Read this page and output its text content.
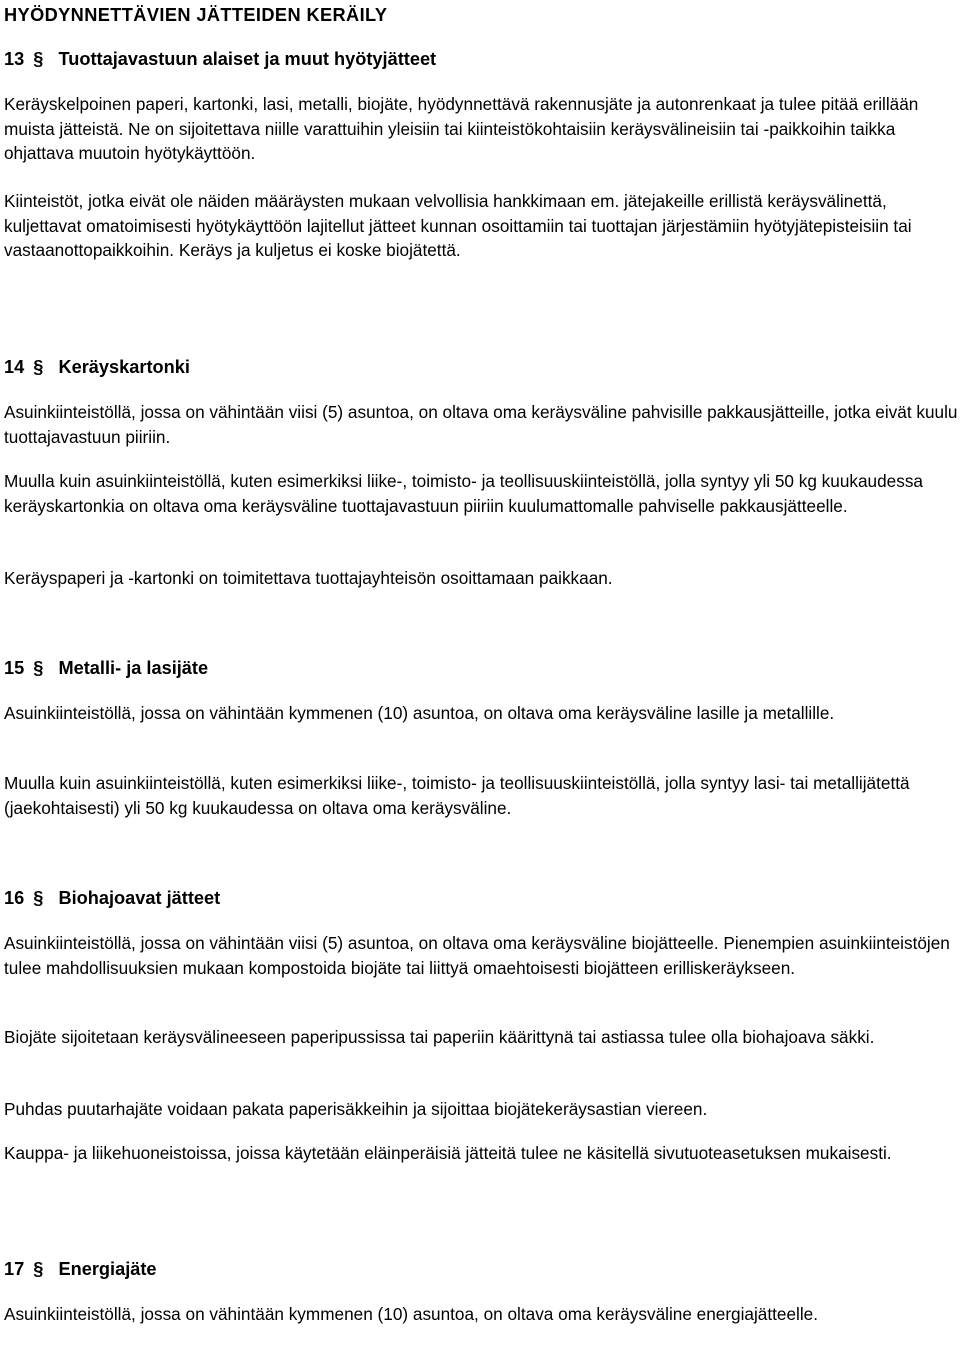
HYÖDYNNETTÄVIEN JÄTTEIDEN KERÄILY
13 § Tuottajavastuun alaiset ja muut hyötyjätteet

Keräyskelpoinen paperi, kartonki, lasi, metalli, biojäte, hyödynnettävä rakennusjäte ja autonrenkaat ja tulee pitää erillään muista jätteistä. Ne on sijoitettava niille varattuihin yleisiin tai kiinteistökohtaisiin keräysvälineisiin tai -paikkoihin taikka ohjattava muutoin hyötykäyttöön.

Kiinteistöt, jotka eivät ole näiden määräysten mukaan velvollisia hankkimaan em. jätejakeille erillistä keräysvälinettä, kuljettavat omatoimisesti hyötykäyttöön lajitellut jätteet kunnan osoittamiin tai tuottajan järjestämiin hyötyjätepisteisiin tai vastaanottopaikkoihin. Keräys ja kuljetus ei koske biojätettä.

14 § Keräyskartonki

Asuinkiinteistöllä, jossa on vähintään viisi (5) asuntoa, on oltava oma keräysväline pahvisille pakkausjätteille, jotka eivät kuulu tuottajavastuun piiriin.

Muulla kuin asuinkiinteistöllä, kuten esimerkiksi liike-, toimisto- ja teollisuuskiinteistöllä, jolla syntyy yli 50 kg kuukaudessa keräyskartonkia on oltava oma keräysväline tuottajavastuun piiriin kuulumattomalle pahviselle pakkausjätteelle.

Keräyspaperi ja -kartonki on toimitettava tuottajayhteisön osoittamaan paikkaan.

15 § Metalli- ja lasijäte

Asuinkiinteistöllä, jossa on vähintään kymmenen (10) asuntoa, on oltava oma keräysväline lasille ja metallille.

Muulla kuin asuinkiinteistöllä, kuten esimerkiksi liike-, toimisto- ja teollisuuskiinteistöllä, jolla syntyy lasi- tai metallijätettä (jaekohtaisesti) yli 50 kg kuukaudessa on oltava oma keräysväline.

16 § Biohajoavat jätteet

Asuinkiinteistöllä, jossa on vähintään viisi (5) asuntoa, on oltava oma keräysväline biojätteelle. Pienempien asuinkiinteistöjen tulee mahdollisuuksien mukaan kompostoida biojäte tai liittyä omaehtoisesti biojätteen erilliskeräykseen.

Biojäte sijoitetaan keräysvälineeseen paperipussissa tai paperiin käärittynä tai astiassa tulee olla biohajoava säkki.

Puhdas puutarhajäte voidaan pakata paperisäkkeihin ja sijoittaa biojätekeräysastian viereen.

Kauppa- ja liikehuoneistoissa, joissa käytetään eläinperäisiä jätteitä tulee ne käsitellä sivutuoteasetuksen mukaisesti.

17 § Energiajäte

Asuinkiinteistöllä, jossa on vähintään kymmenen (10) asuntoa, on oltava oma keräysväline energiajätteelle.
